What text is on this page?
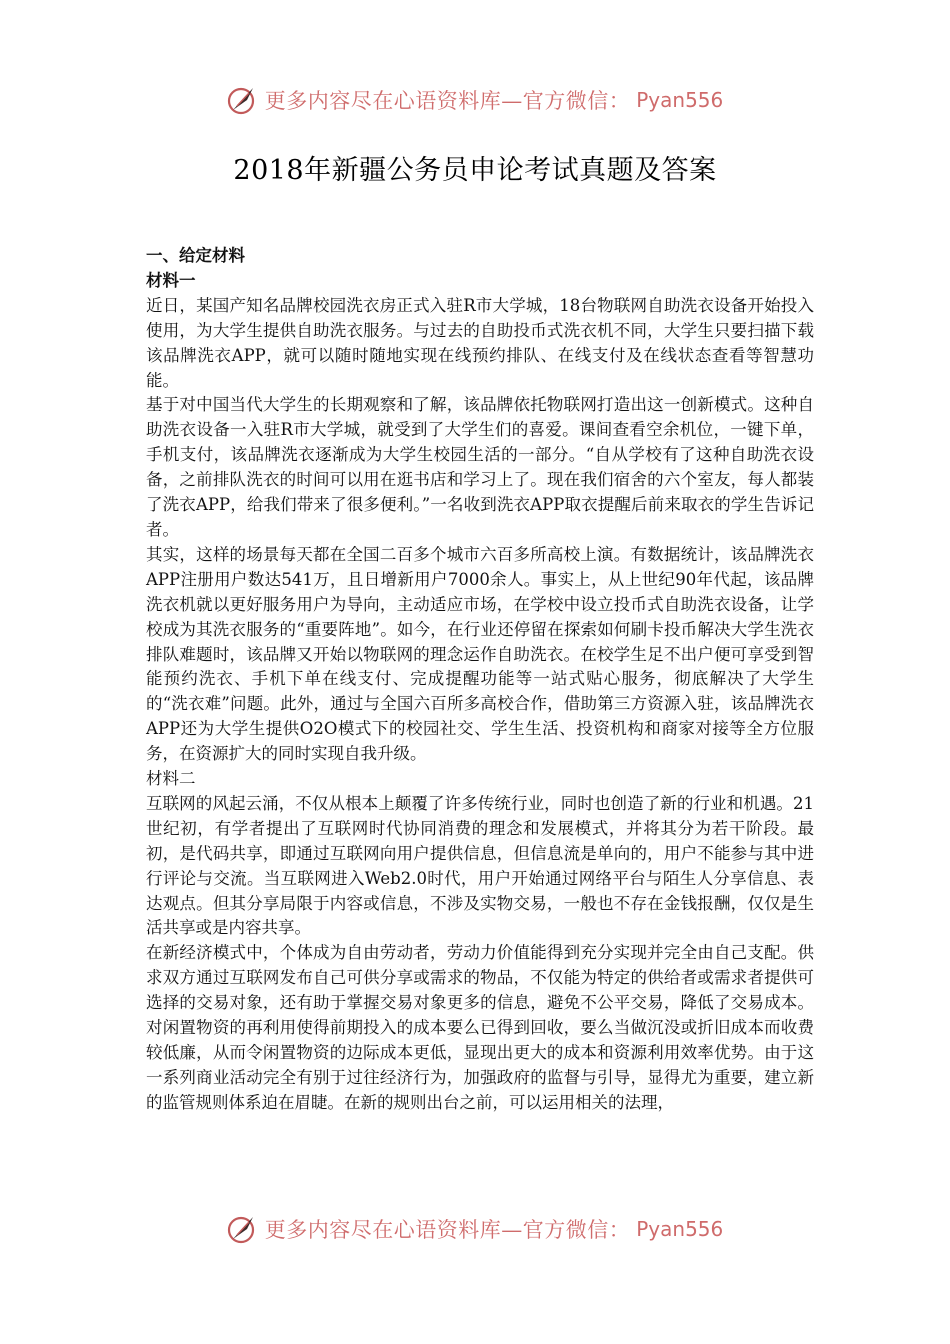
更多内容尽在心语资料库—官方微信： Pyan556
2018年新疆公务员申论考试真题及答案

一、给定材料

材料一

近日，某国产知名品牌校园洗衣房正式入驻R市大学城，18台物联网自助洗衣设备开始投入使用，为大学生提供自助洗衣服务。与过去的自助投币式洗衣机不同，大学生只要扫描下载该品牌洗衣APP，就可以随时随地实现在线预约排队、在线支付及在线状态查看等智慧功能。

基于对中国当代大学生的长期观察和了解，该品牌依托物联网打造出这一创新模式。这种自助洗衣设备一入驻R市大学城，就受到了大学生们的喜爱。课间查看空余机位，一键下单，手机支付，该品牌洗衣逐渐成为大学生校园生活的一部分。“自从学校有了这种自助洗衣设备，之前排队洗衣的时间可以用在逛书店和学习上了。现在我们宿舍的六个室友，每人都装了洗衣APP，给我们带来了很多便利。”一名收到洗衣APP取衣提醒后前来取衣的学生告诉记者。

其实，这样的场景每天都在全国二百多个城市六百多所高校上演。有数据统计，该品牌洗衣APP注册用户数达541万，且日增新用户7000余人。事实上，从上世纪90年代起，该品牌洗衣机就以更好服务用户为导向，主动适应市场，在学校中设立投币式自助洗衣设备，让学校成为其洗衣服务的“重要阵地”。如今，在行业还停留在探索如何刷卡投币解决大学生洗衣排队难题时，该品牌又开始以物联网的理念运作自助洗衣。在校学生足不出户便可享受到智能预约洗衣、手机下单在线支付、完成提醒功能等一站式贴心服务，彻底解决了大学生的“洗衣难”问题。此外，通过与全国六百所多高校合作，借助第三方资源入驻，该品牌洗衣APP还为大学生提供O2O模式下的校园社交、学生生活、投资机构和商家对接等全方位服务，在资源扩大的同时实现自我升级。

材料二

互联网的风起云涌，不仅从根本上颠覆了许多传统行业，同时也创造了新的行业和机遇。21世纪初，有学者提出了互联网时代协同消费的理念和发展模式，并将其分为若干阶段。最初，是代码共享，即通过互联网向用户提供信息，但信息流是单向的，用户不能参与其中进行评论与交流。当互联网进入Web2.0时代，用户开始通过网络平台与陌生人分享信息、表达观点。但其分享局限于内容或信息，不涉及实物交易，一般也不存在金钱报酬，仅仅是生活共享或是内容共享。

在新经济模式中，个体成为自由劳动者，劳动力价值能得到充分实现并完全由自己支配。供求双方通过互联网发布自己可供分享或需求的物品，不仅能为特定的供给者或需求者提供可选择的交易对象，还有助于掌握交易对象更多的信息，避免不公平交易，降低了交易成本。对闲置物资的再利用使得前期投入的成本要么已得到回收，要么当做沉没或折旧成本而收费较低廉，从而令闲置物资的边际成本更低，显现出更大的成本和资源利用效率优势。由于这一系列商业活动完全有别于过往经济行为，加强政府的监督与引导，显得尤为重要，建立新的监管规则体系迫在眉睫。在新的规则出台之前，可以运用相关的法理，

更多内容尽在心语资料库—官方微信： Pyan556
